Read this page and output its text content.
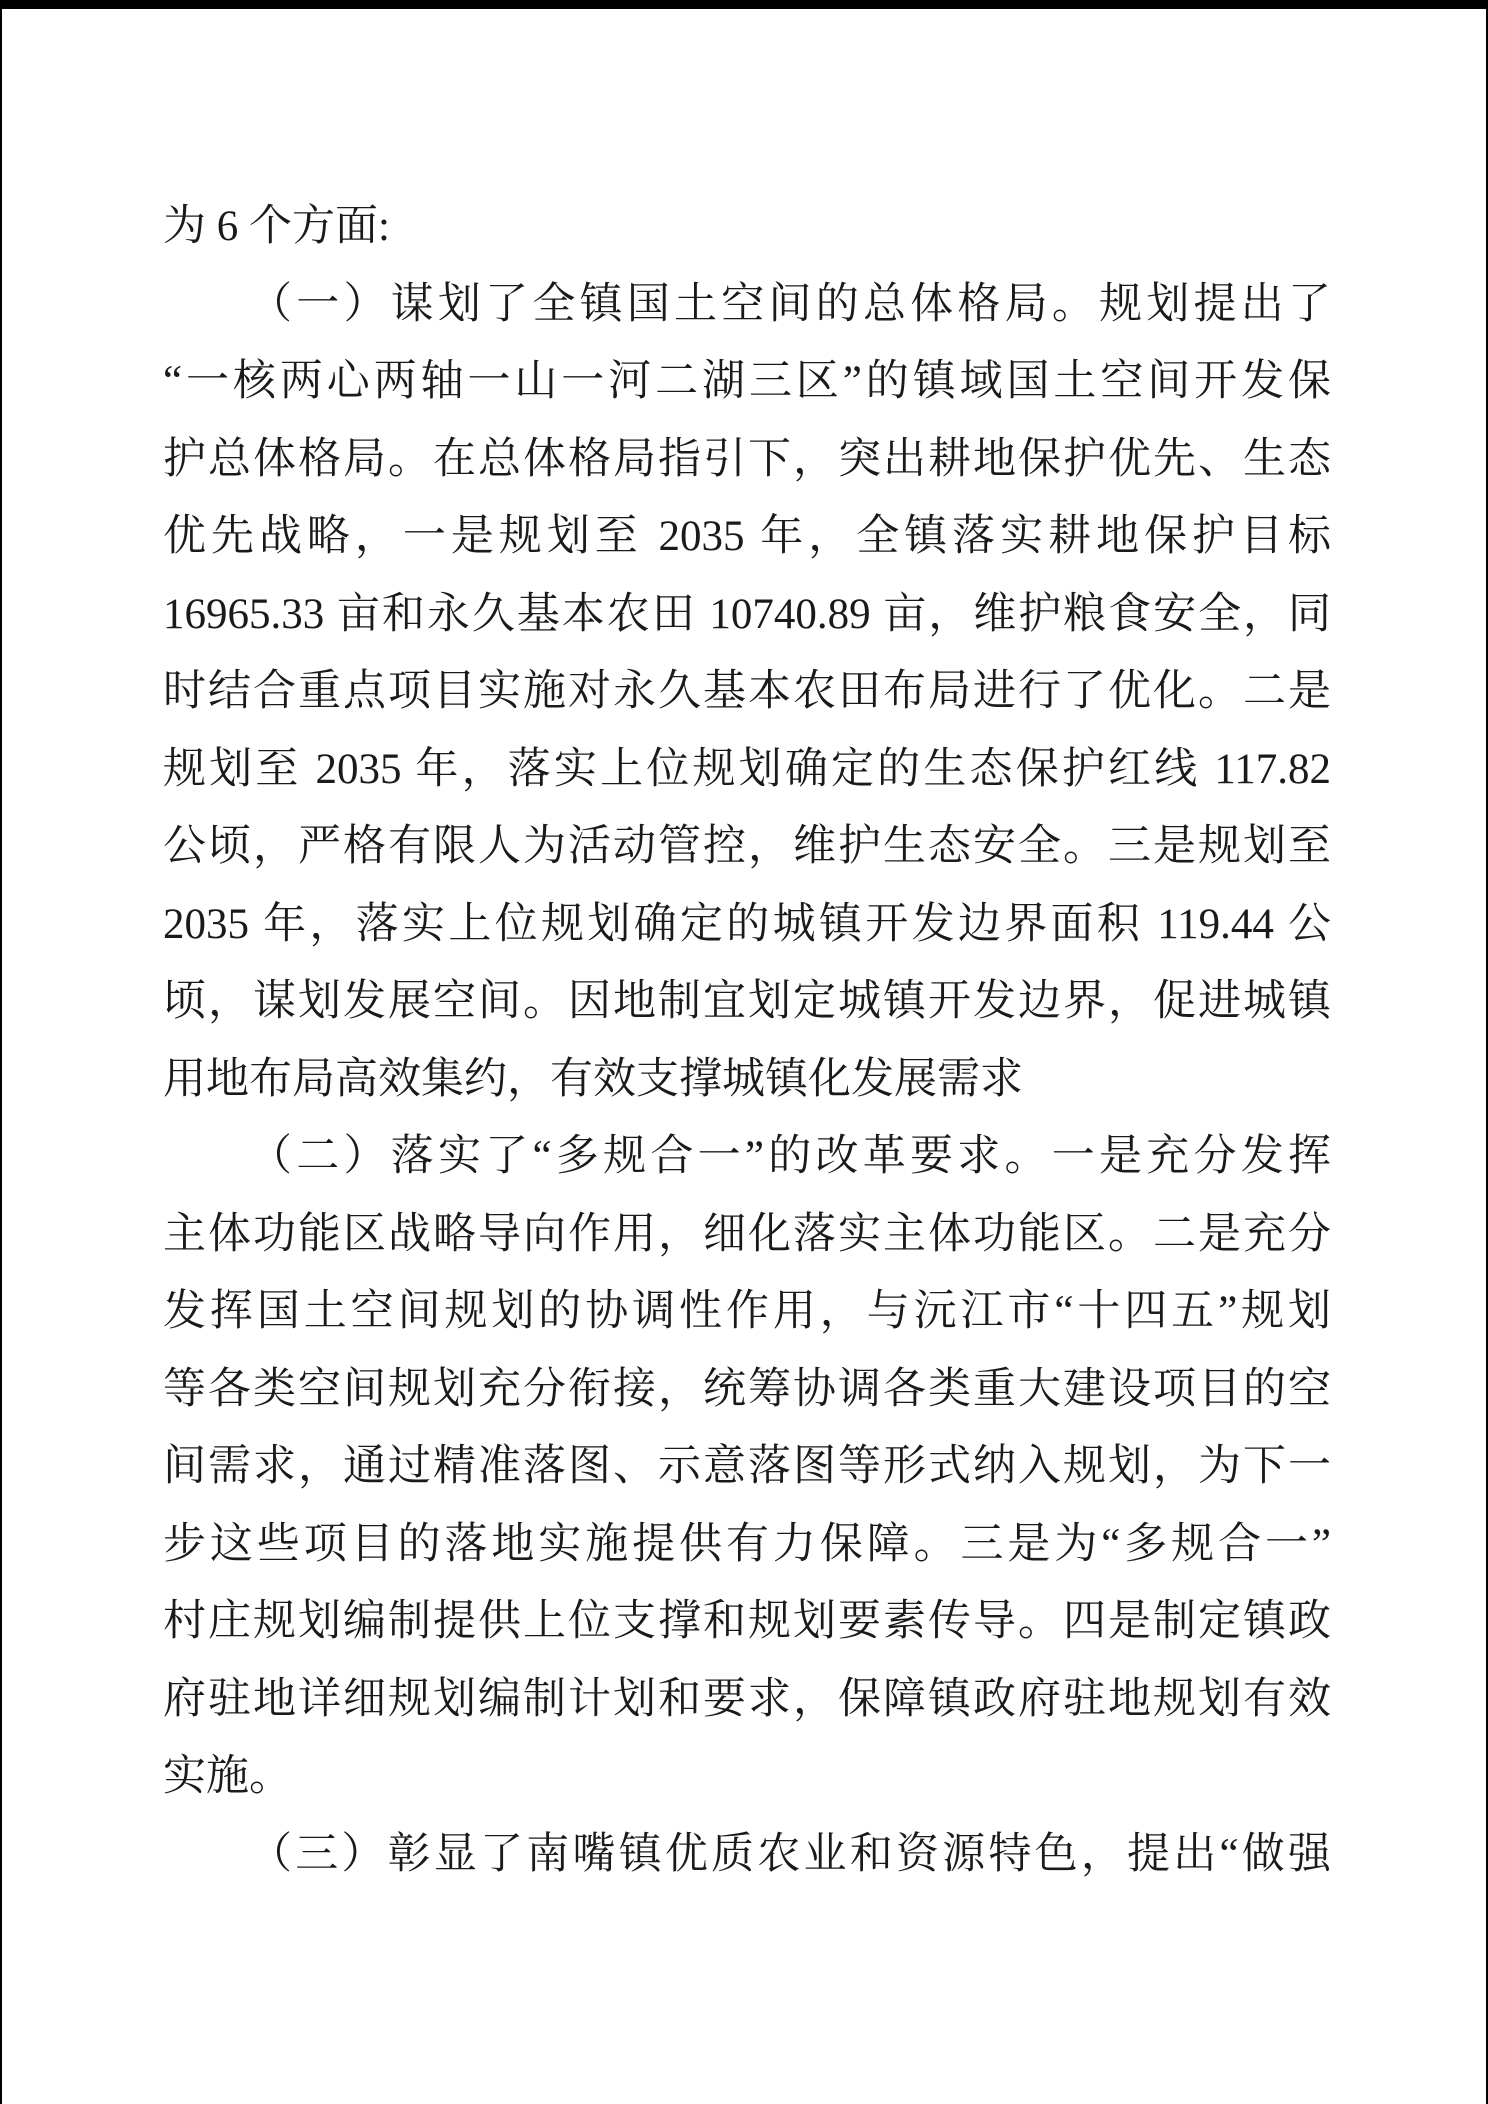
为 6 个方面:
（一）谋划了全镇国土空间的总体格局。规划提出了
“一核两心两轴一山一河二湖三区”的镇域国土空间开发保
护总体格局。在总体格局指引下，突出耕地保护优先、生态
优先战略，一是规划至 2035 年，全镇落实耕地保护目标
16965.33 亩和永久基本农田 10740.89 亩，维护粮食安全，同
时结合重点项目实施对永久基本农田布局进行了优化。二是
规划至 2035 年，落实上位规划确定的生态保护红线 117.82
公顷，严格有限人为活动管控，维护生态安全。三是规划至
2035 年，落实上位规划确定的城镇开发边界面积 119.44 公
顷，谋划发展空间。因地制宜划定城镇开发边界，促进城镇
用地布局高效集约，有效支撑城镇化发展需求
（二）落实了“多规合一”的改革要求。一是充分发挥
主体功能区战略导向作用，细化落实主体功能区。二是充分
发挥国土空间规划的协调性作用，与沅江市“十四五”规划
等各类空间规划充分衔接，统筹协调各类重大建设项目的空
间需求，通过精准落图、示意落图等形式纳入规划，为下一
步这些项目的落地实施提供有力保障。三是为“多规合一”
村庄规划编制提供上位支撑和规划要素传导。四是制定镇政
府驻地详细规划编制计划和要求，保障镇政府驻地规划有效
实施。
（三）彰显了南嘴镇优质农业和资源特色，提出“做强
